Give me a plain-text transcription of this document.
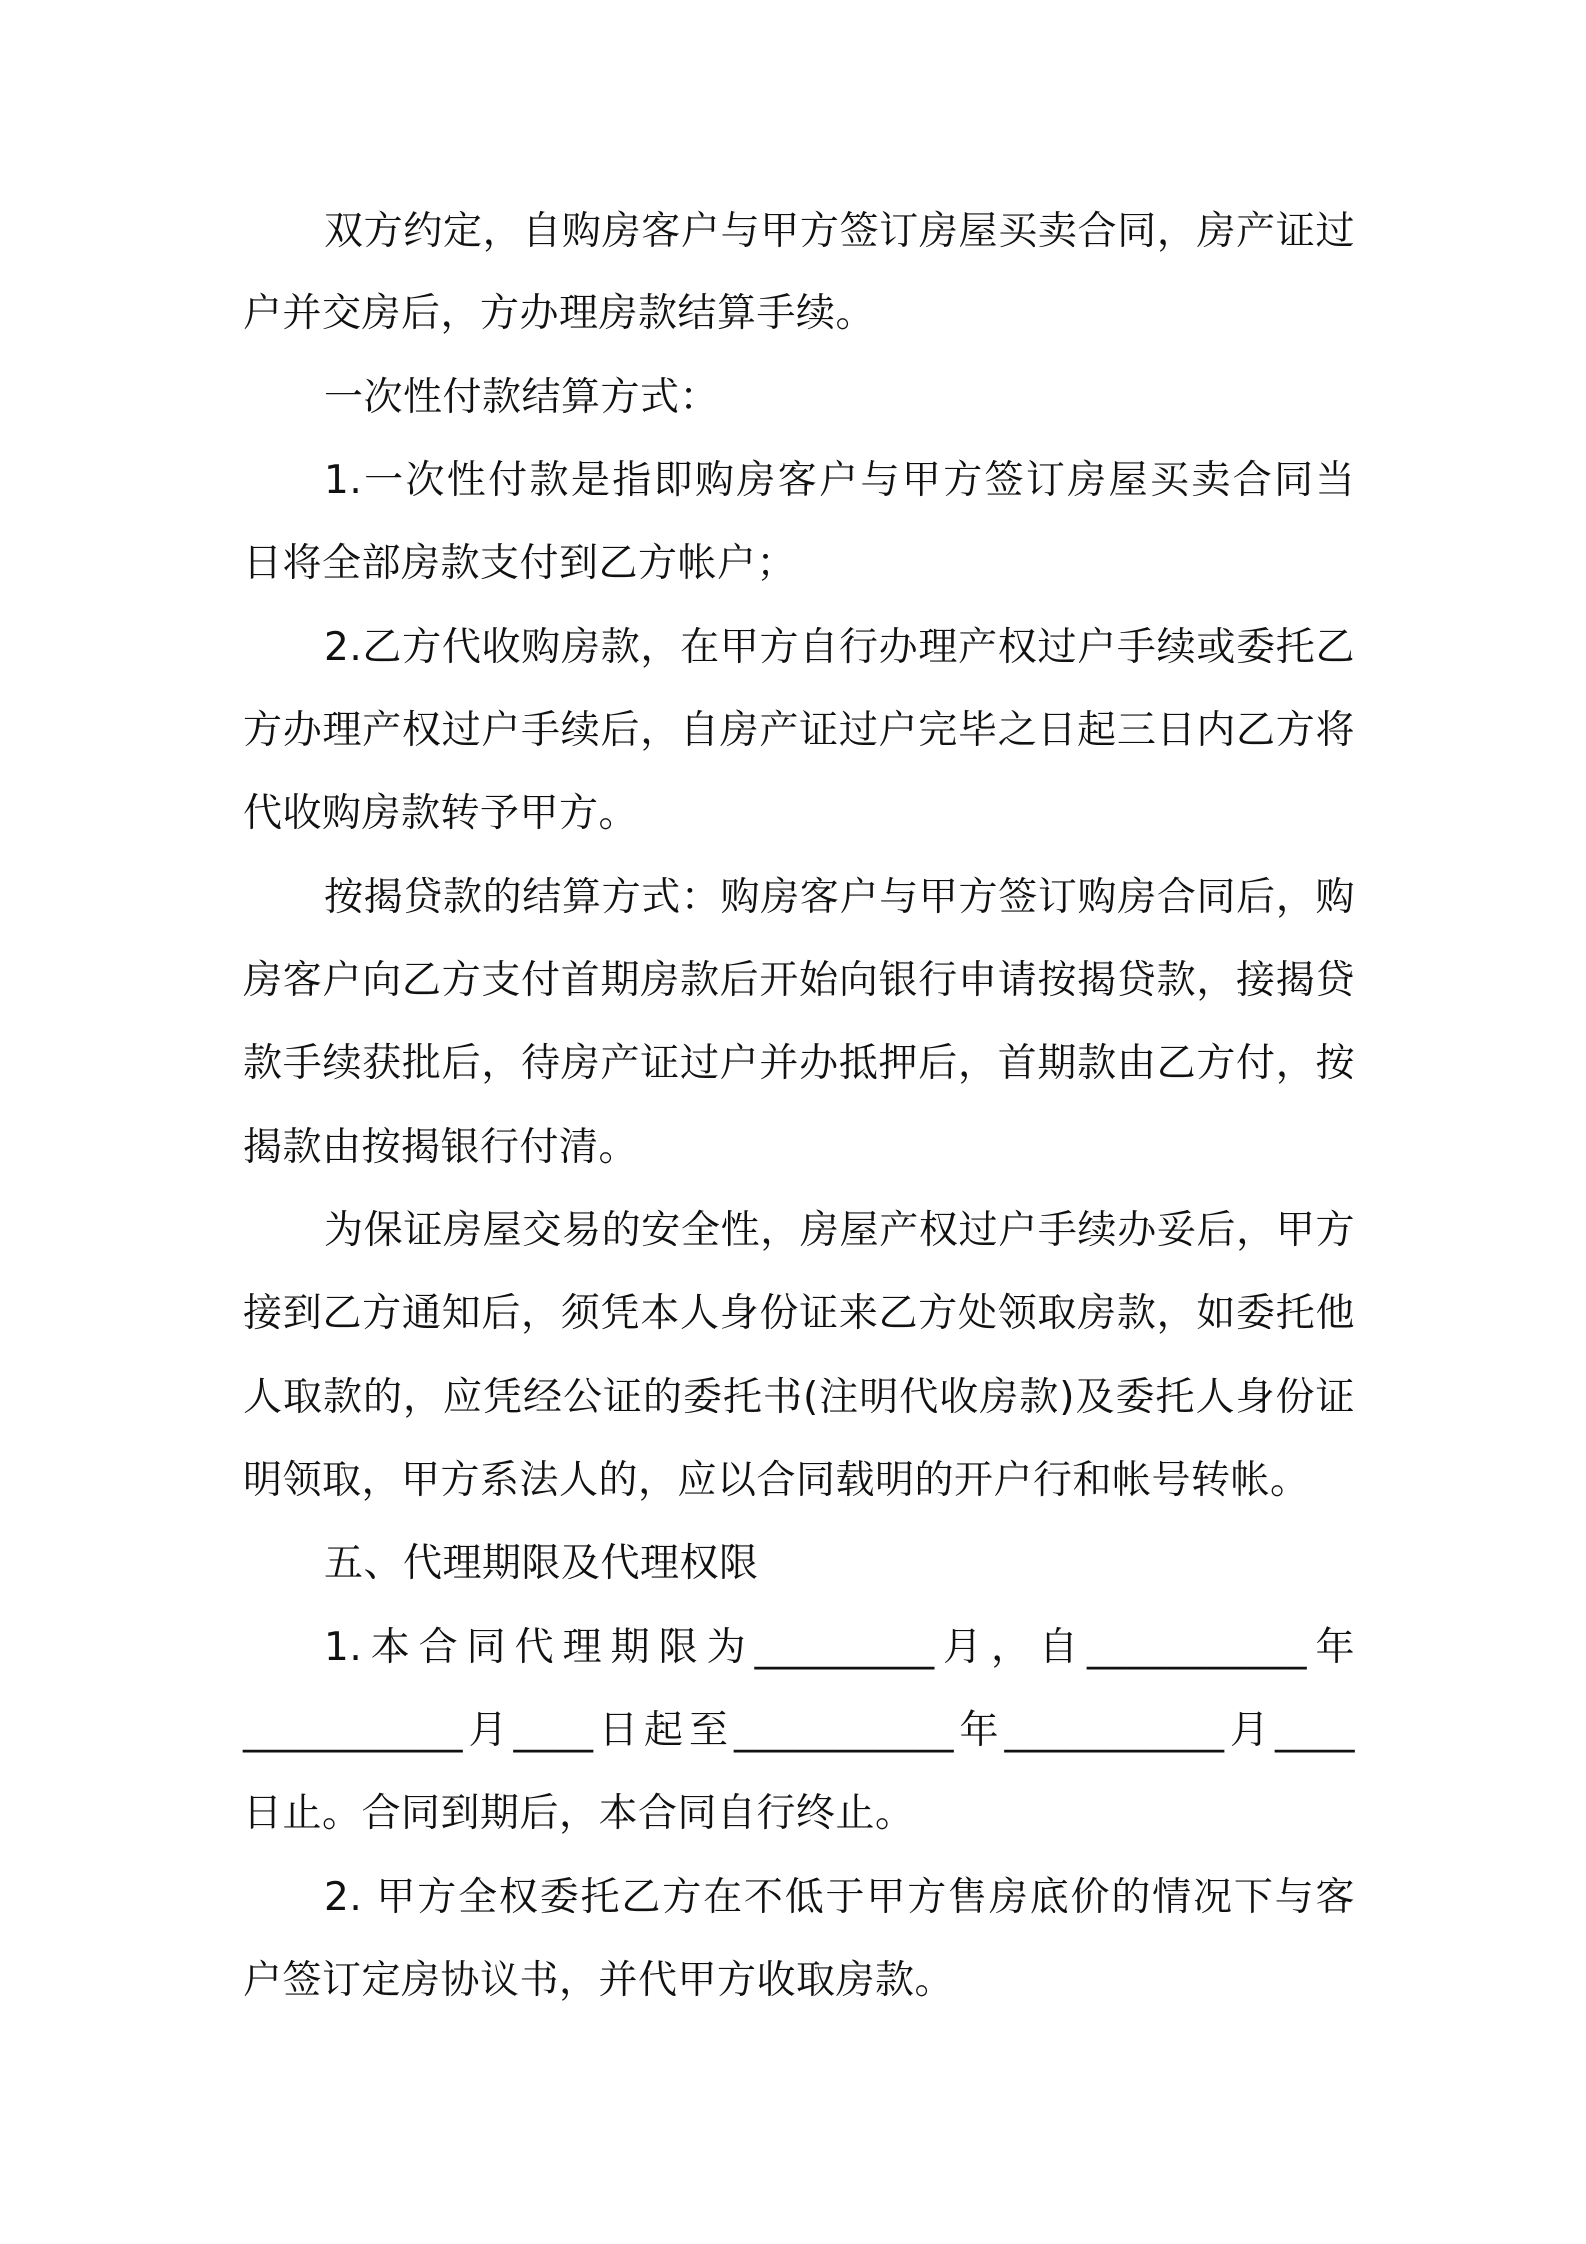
双方约定，自购房客户与甲方签订房屋买卖合同，房产证过
户并交房后，方办理房款结算手续。
一次性付款结算方式：
1.一次性付款是指即购房客户与甲方签订房屋买卖合同当
日将全部房款支付到乙方帐户；
2.乙方代收购房款，在甲方自行办理产权过户手续或委托乙
方办理产权过户手续后，自房产证过户完毕之日起三日内乙方将
代收购房款转予甲方。
按揭贷款的结算方式：购房客户与甲方签订购房合同后，购
房客户向乙方支付首期房款后开始向银行申请按揭贷款，接揭贷
款手续获批后，待房产证过户并办抵押后，首期款由乙方付，按
揭款由按揭银行付清。
为保证房屋交易的安全性，房屋产权过户手续办妥后，甲方
接到乙方通知后，须凭本人身份证来乙方处领取房款，如委托他
人取款的，应凭经公证的委托书(注明代收房款)及委托人身份证
明领取，甲方系法人的，应以合同载明的开户行和帐号转帐。
五、代理期限及代理权限
1.本合同代理期限为_________月，自___________年
___________月____日起至___________年___________月____
日止。合同到期后，本合同自行终止。
2. 甲方全权委托乙方在不低于甲方售房底价的情况下与客
户签订定房协议书，并代甲方收取房款。
